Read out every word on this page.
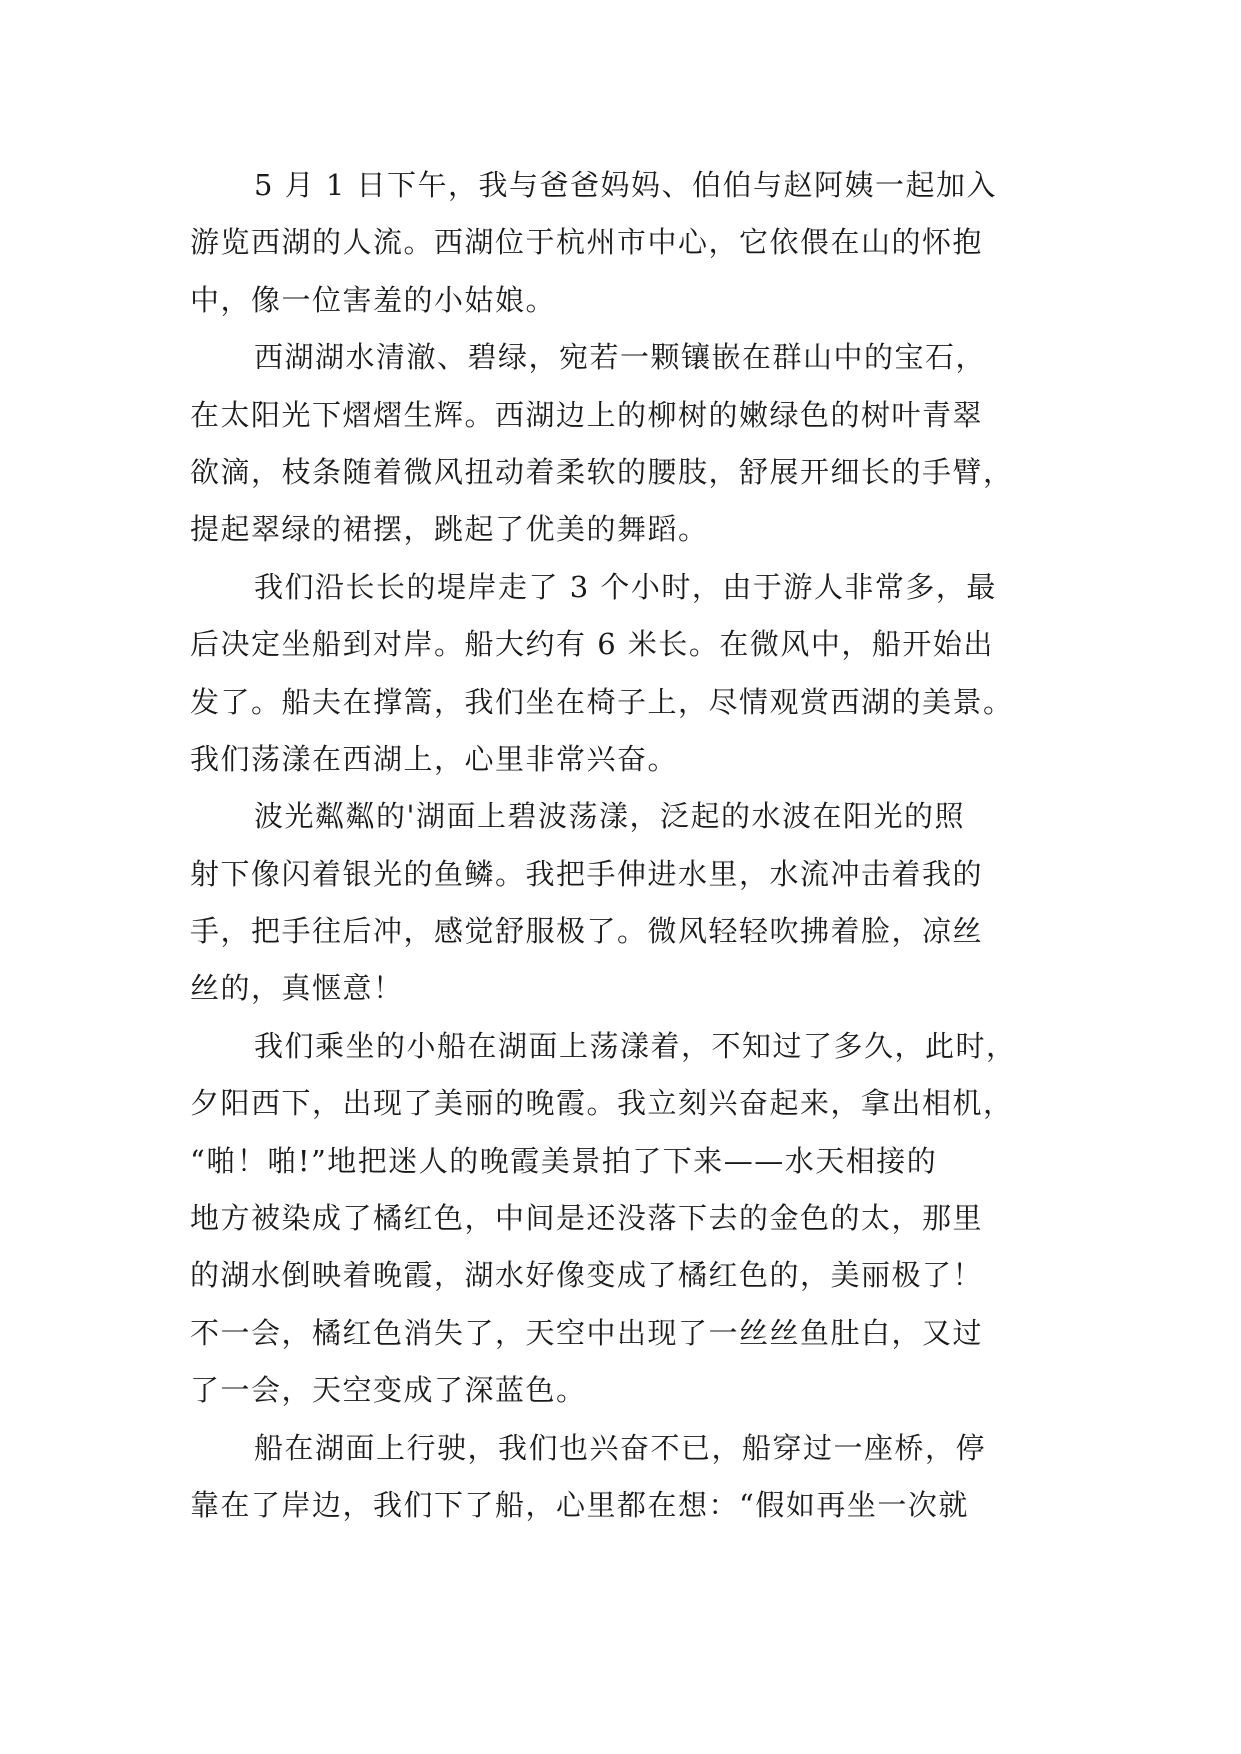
5 月 1 日下午，我与爸爸妈妈、伯伯与赵阿姨一起加入
游览西湖的人流。西湖位于杭州市中心，它依偎在山的怀抱
中，像一位害羞的小姑娘。
西湖湖水清澈、碧绿，宛若一颗镶嵌在群山中的宝石，
在太阳光下熠熠生辉。西湖边上的柳树的嫩绿色的树叶青翠
欲滴，枝条随着微风扭动着柔软的腰肢，舒展开细长的手臂，
提起翠绿的裙摆，跳起了优美的舞蹈。
我们沿长长的堤岸走了 3 个小时，由于游人非常多，最
后决定坐船到对岸。船大约有 6 米长。在微风中，船开始出
发了。船夫在撑篙，我们坐在椅子上，尽情观赏西湖的美景。
我们荡漾在西湖上，心里非常兴奋。
波光粼粼的'湖面上碧波荡漾，泛起的水波在阳光的照
射下像闪着银光的鱼鳞。我把手伸进水里，水流冲击着我的
手，把手往后冲，感觉舒服极了。微风轻轻吹拂着脸，凉丝
丝的，真惬意！
我们乘坐的小船在湖面上荡漾着，不知过了多久，此时，
夕阳西下，出现了美丽的晚霞。我立刻兴奋起来，拿出相机，
“啪！啪!”地把迷人的晚霞美景拍了下来——水天相接的
地方被染成了橘红色，中间是还没落下去的金色的太，那里
的湖水倒映着晚霞，湖水好像变成了橘红色的，美丽极了！
不一会，橘红色消失了，天空中出现了一丝丝鱼肚白，又过
了一会，天空变成了深蓝色。
船在湖面上行驶，我们也兴奋不已，船穿过一座桥，停
靠在了岸边，我们下了船，心里都在想：“假如再坐一次就
